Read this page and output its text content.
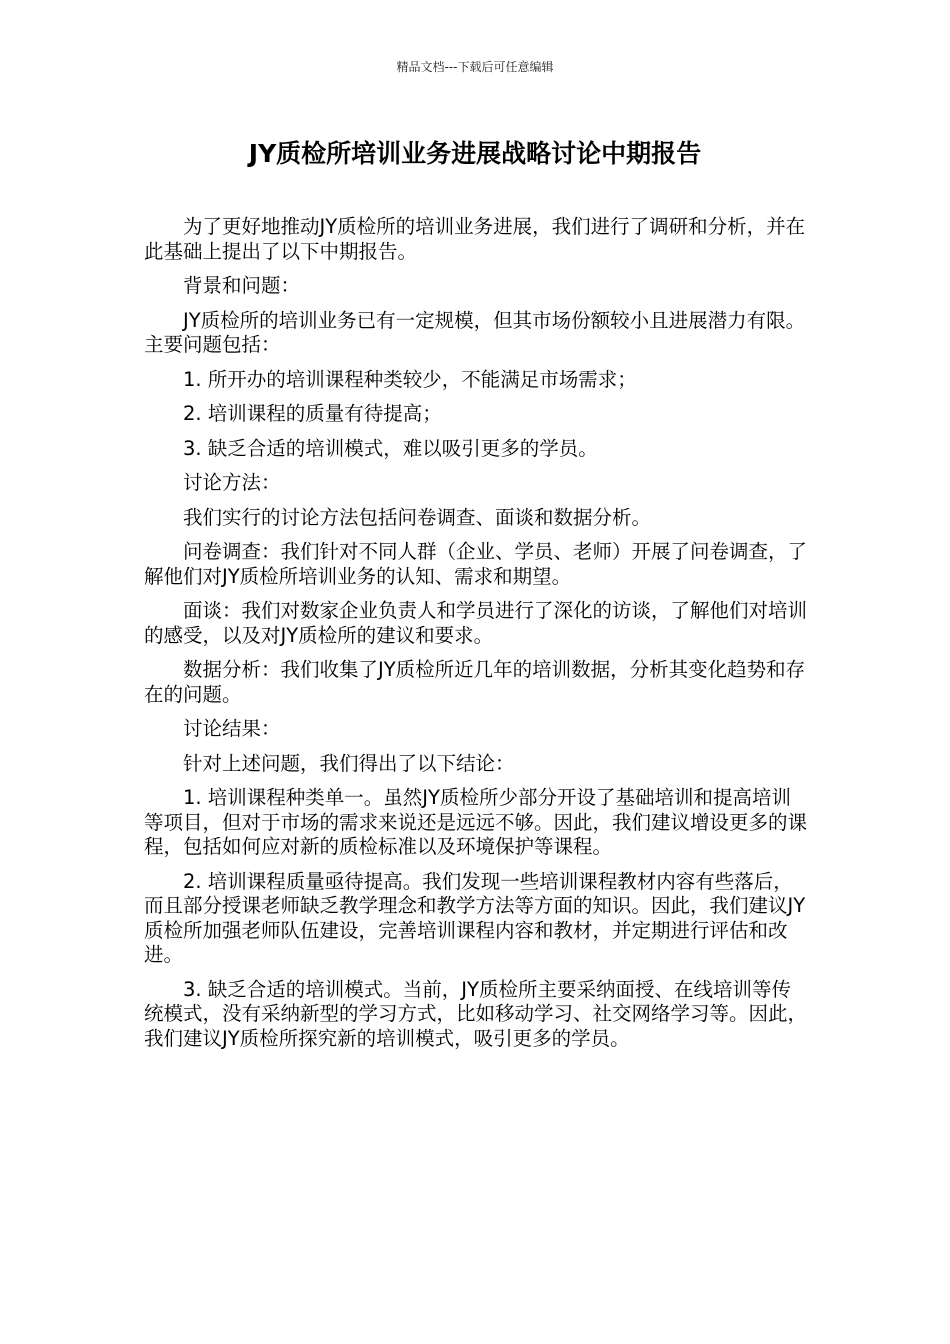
精品文档---下载后可任意编辑
JY质检所培训业务进展战略讨论中期报告

为了更好地推动JY质检所的培训业务进展，我们进行了调研和分析，并在此基础上提出了以下中期报告。

背景和问题：

JY质检所的培训业务已有一定规模，但其市场份额较小且进展潜力有限。主要问题包括：

1. 所开办的培训课程种类较少，不能满足市场需求；

2. 培训课程的质量有待提高；

3. 缺乏合适的培训模式，难以吸引更多的学员。

讨论方法：

我们实行的讨论方法包括问卷调查、面谈和数据分析。

问卷调查：我们针对不同人群（企业、学员、老师）开展了问卷调查，了解他们对JY质检所培训业务的认知、需求和期望。

面谈：我们对数家企业负责人和学员进行了深化的访谈，了解他们对培训的感受，以及对JY质检所的建议和要求。

数据分析：我们收集了JY质检所近几年的培训数据，分析其变化趋势和存在的问题。

讨论结果：

针对上述问题，我们得出了以下结论：

1. 培训课程种类单一。虽然JY质检所少部分开设了基础培训和提高培训等项目，但对于市场的需求来说还是远远不够。因此，我们建议增设更多的课程，包括如何应对新的质检标准以及环境保护等课程。

2. 培训课程质量亟待提高。我们发现一些培训课程教材内容有些落后，而且部分授课老师缺乏教学理念和教学方法等方面的知识。因此，我们建议JY质检所加强老师队伍建设，完善培训课程内容和教材，并定期进行评估和改进。

3. 缺乏合适的培训模式。当前，JY质检所主要采纳面授、在线培训等传统模式，没有采纳新型的学习方式，比如移动学习、社交网络学习等。因此，我们建议JY质检所探究新的培训模式，吸引更多的学员。
